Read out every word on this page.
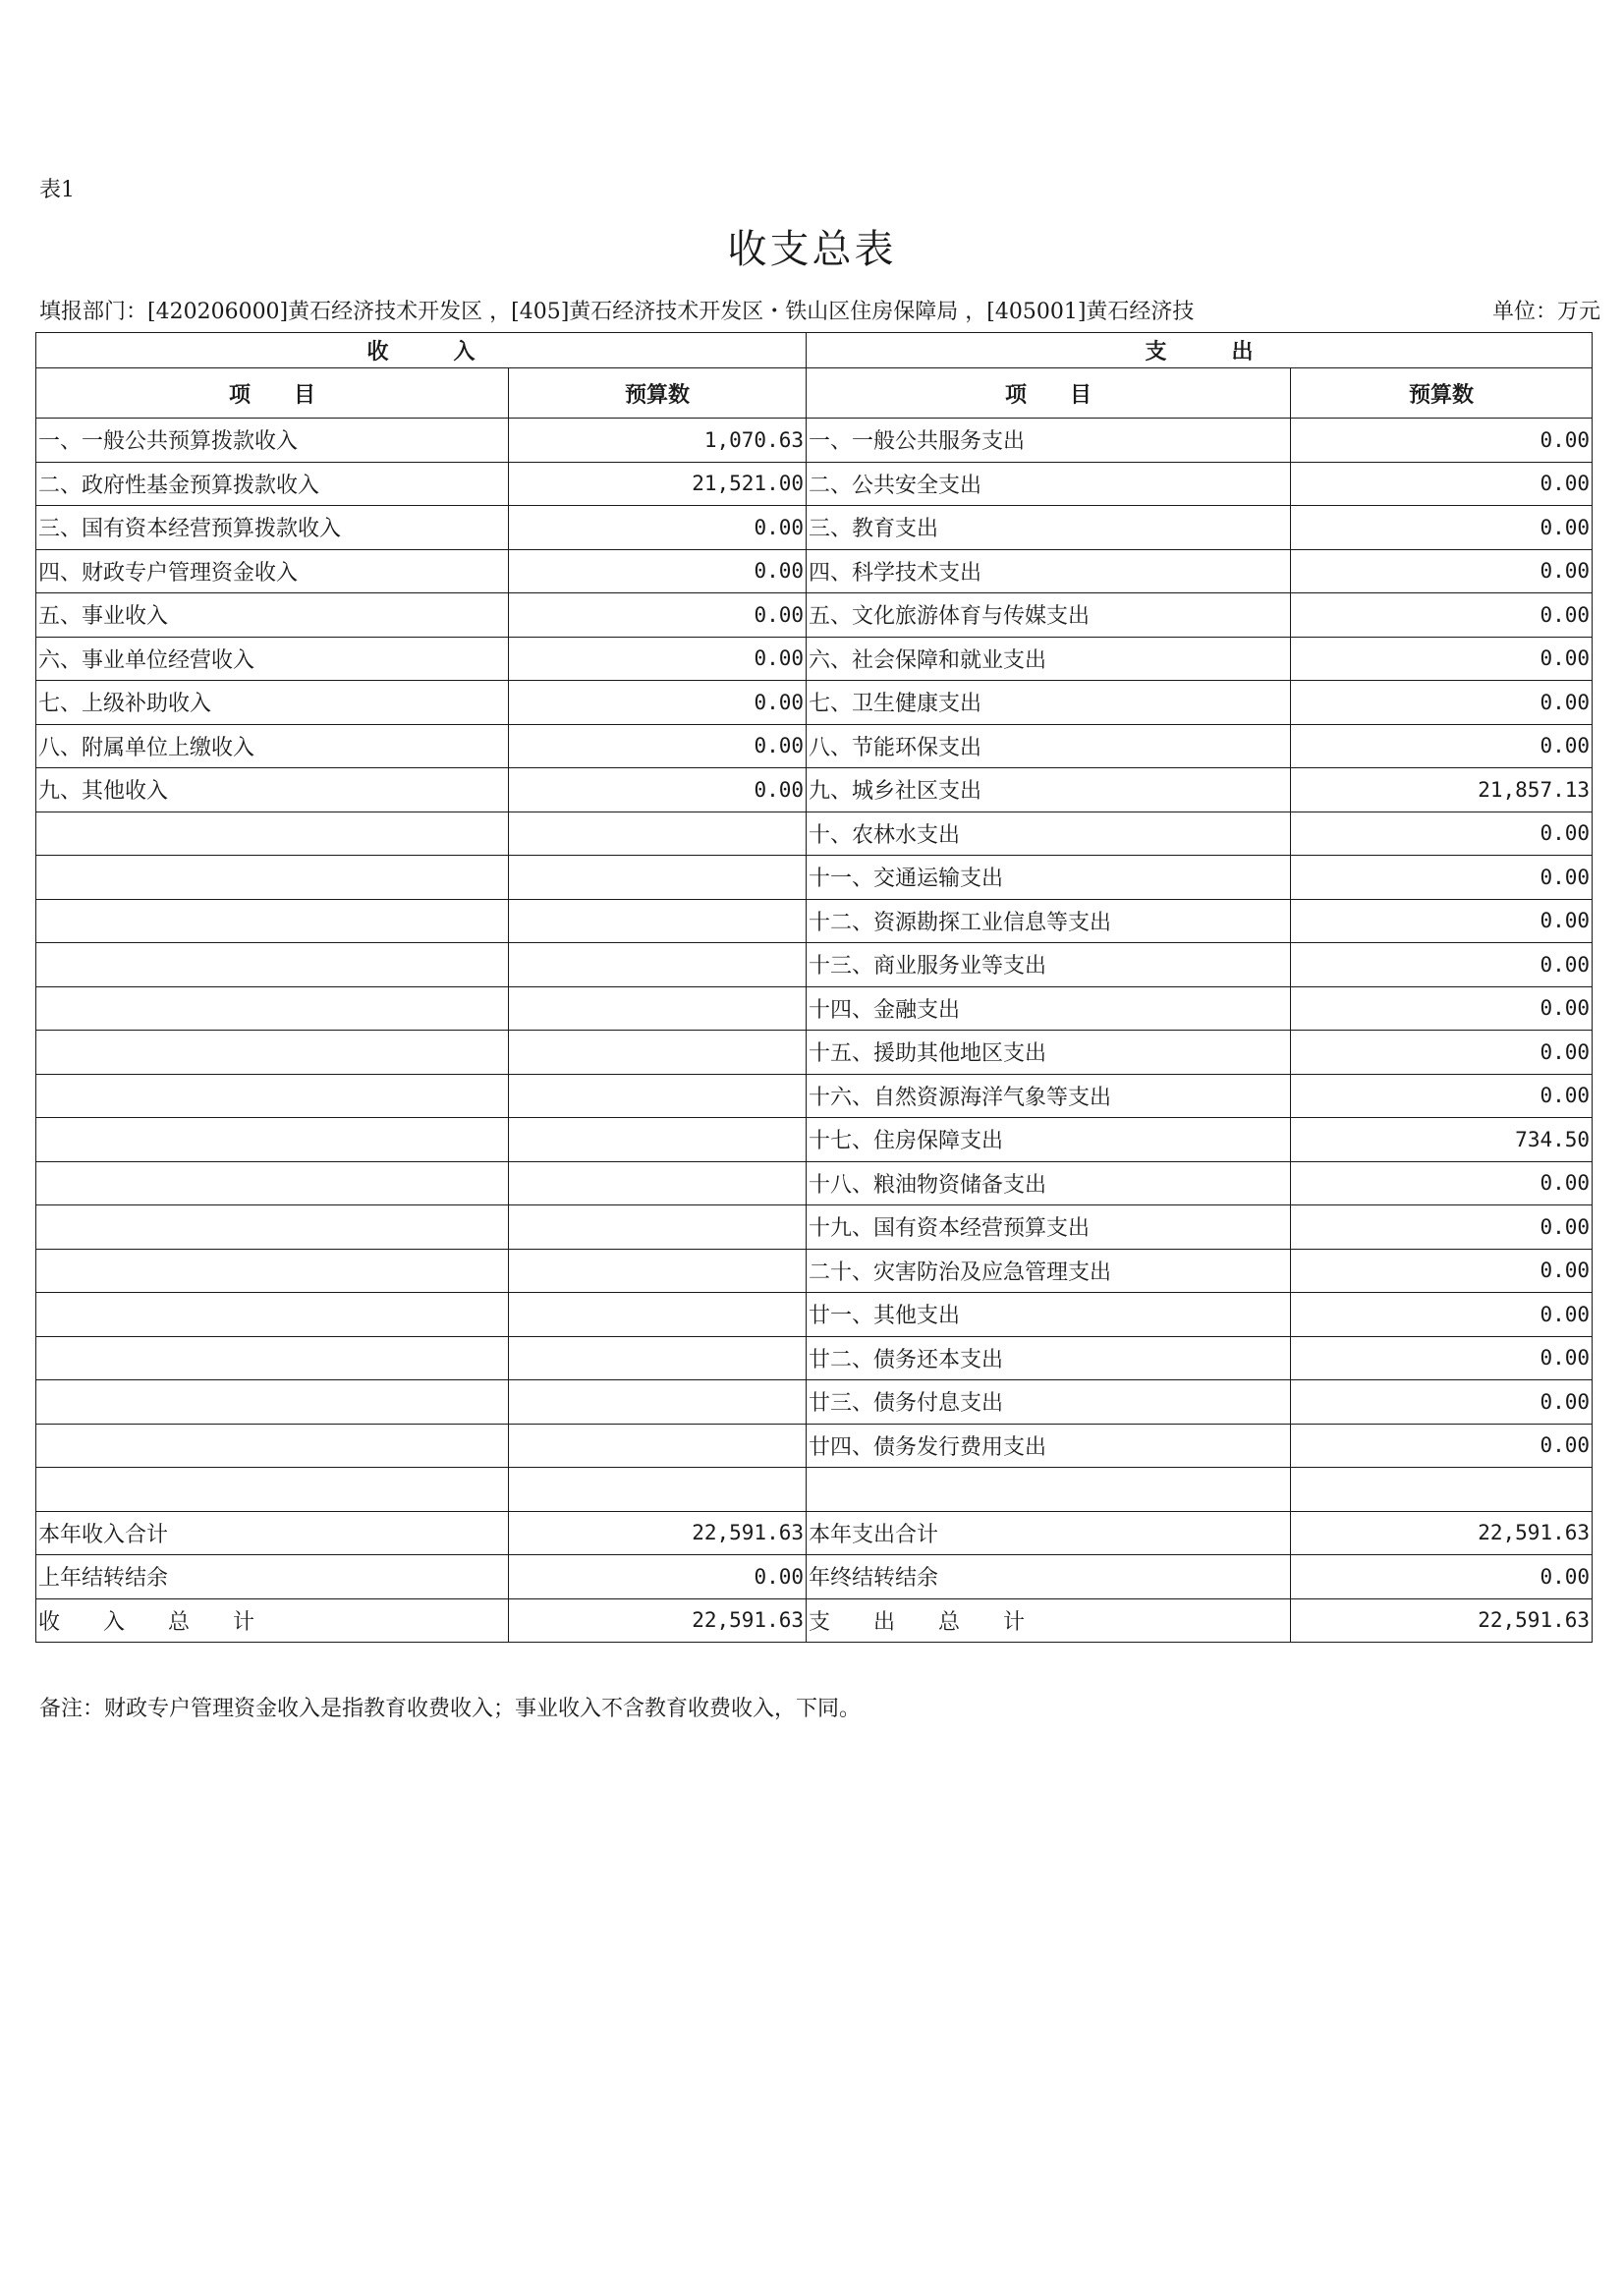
表1
收支总表
填报部门：[420206000]黄石经济技术开发区 ，[405]黄石经济技术开发区・铁山区住房保障局 ，[405001]黄石经济技	单位：万元
收　　　入		支　　　出	
项　　目	预算数	项　　目	预算数
一、一般公共预算拨款收入	1,070.63	一、一般公共服务支出	0.00
二、政府性基金预算拨款收入	21,521.00	二、公共安全支出	0.00
三、国有资本经营预算拨款收入	0.00	三、教育支出	0.00
四、财政专户管理资金收入	0.00	四、科学技术支出	0.00
五、事业收入	0.00	五、文化旅游体育与传媒支出	0.00
六、事业单位经营收入	0.00	六、社会保障和就业支出	0.00
七、上级补助收入	0.00	七、卫生健康支出	0.00
八、附属单位上缴收入	0.00	八、节能环保支出	0.00
九、其他收入	0.00	九、城乡社区支出	21,857.13
		十、农林水支出	0.00
		十一、交通运输支出	0.00
		十二、资源勘探工业信息等支出	0.00
		十三、商业服务业等支出	0.00
		十四、金融支出	0.00
		十五、援助其他地区支出	0.00
		十六、自然资源海洋气象等支出	0.00
		十七、住房保障支出	734.50
		十八、粮油物资储备支出	0.00
		十九、国有资本经营预算支出	0.00
		二十、灾害防治及应急管理支出	0.00
		廿一、其他支出	0.00
		廿二、债务还本支出	0.00
		廿三、债务付息支出	0.00
		廿四、债务发行费用支出	0.00

本年收入合计	22,591.63	本年支出合计	22,591.63
上年结转结余	0.00	年终结转结余	0.00
收　　入　　总　　计	22,591.63	支　　出　　总　　计	22,591.63
备注：财政专户管理资金收入是指教育收费收入；事业收入不含教育收费收入，下同。
